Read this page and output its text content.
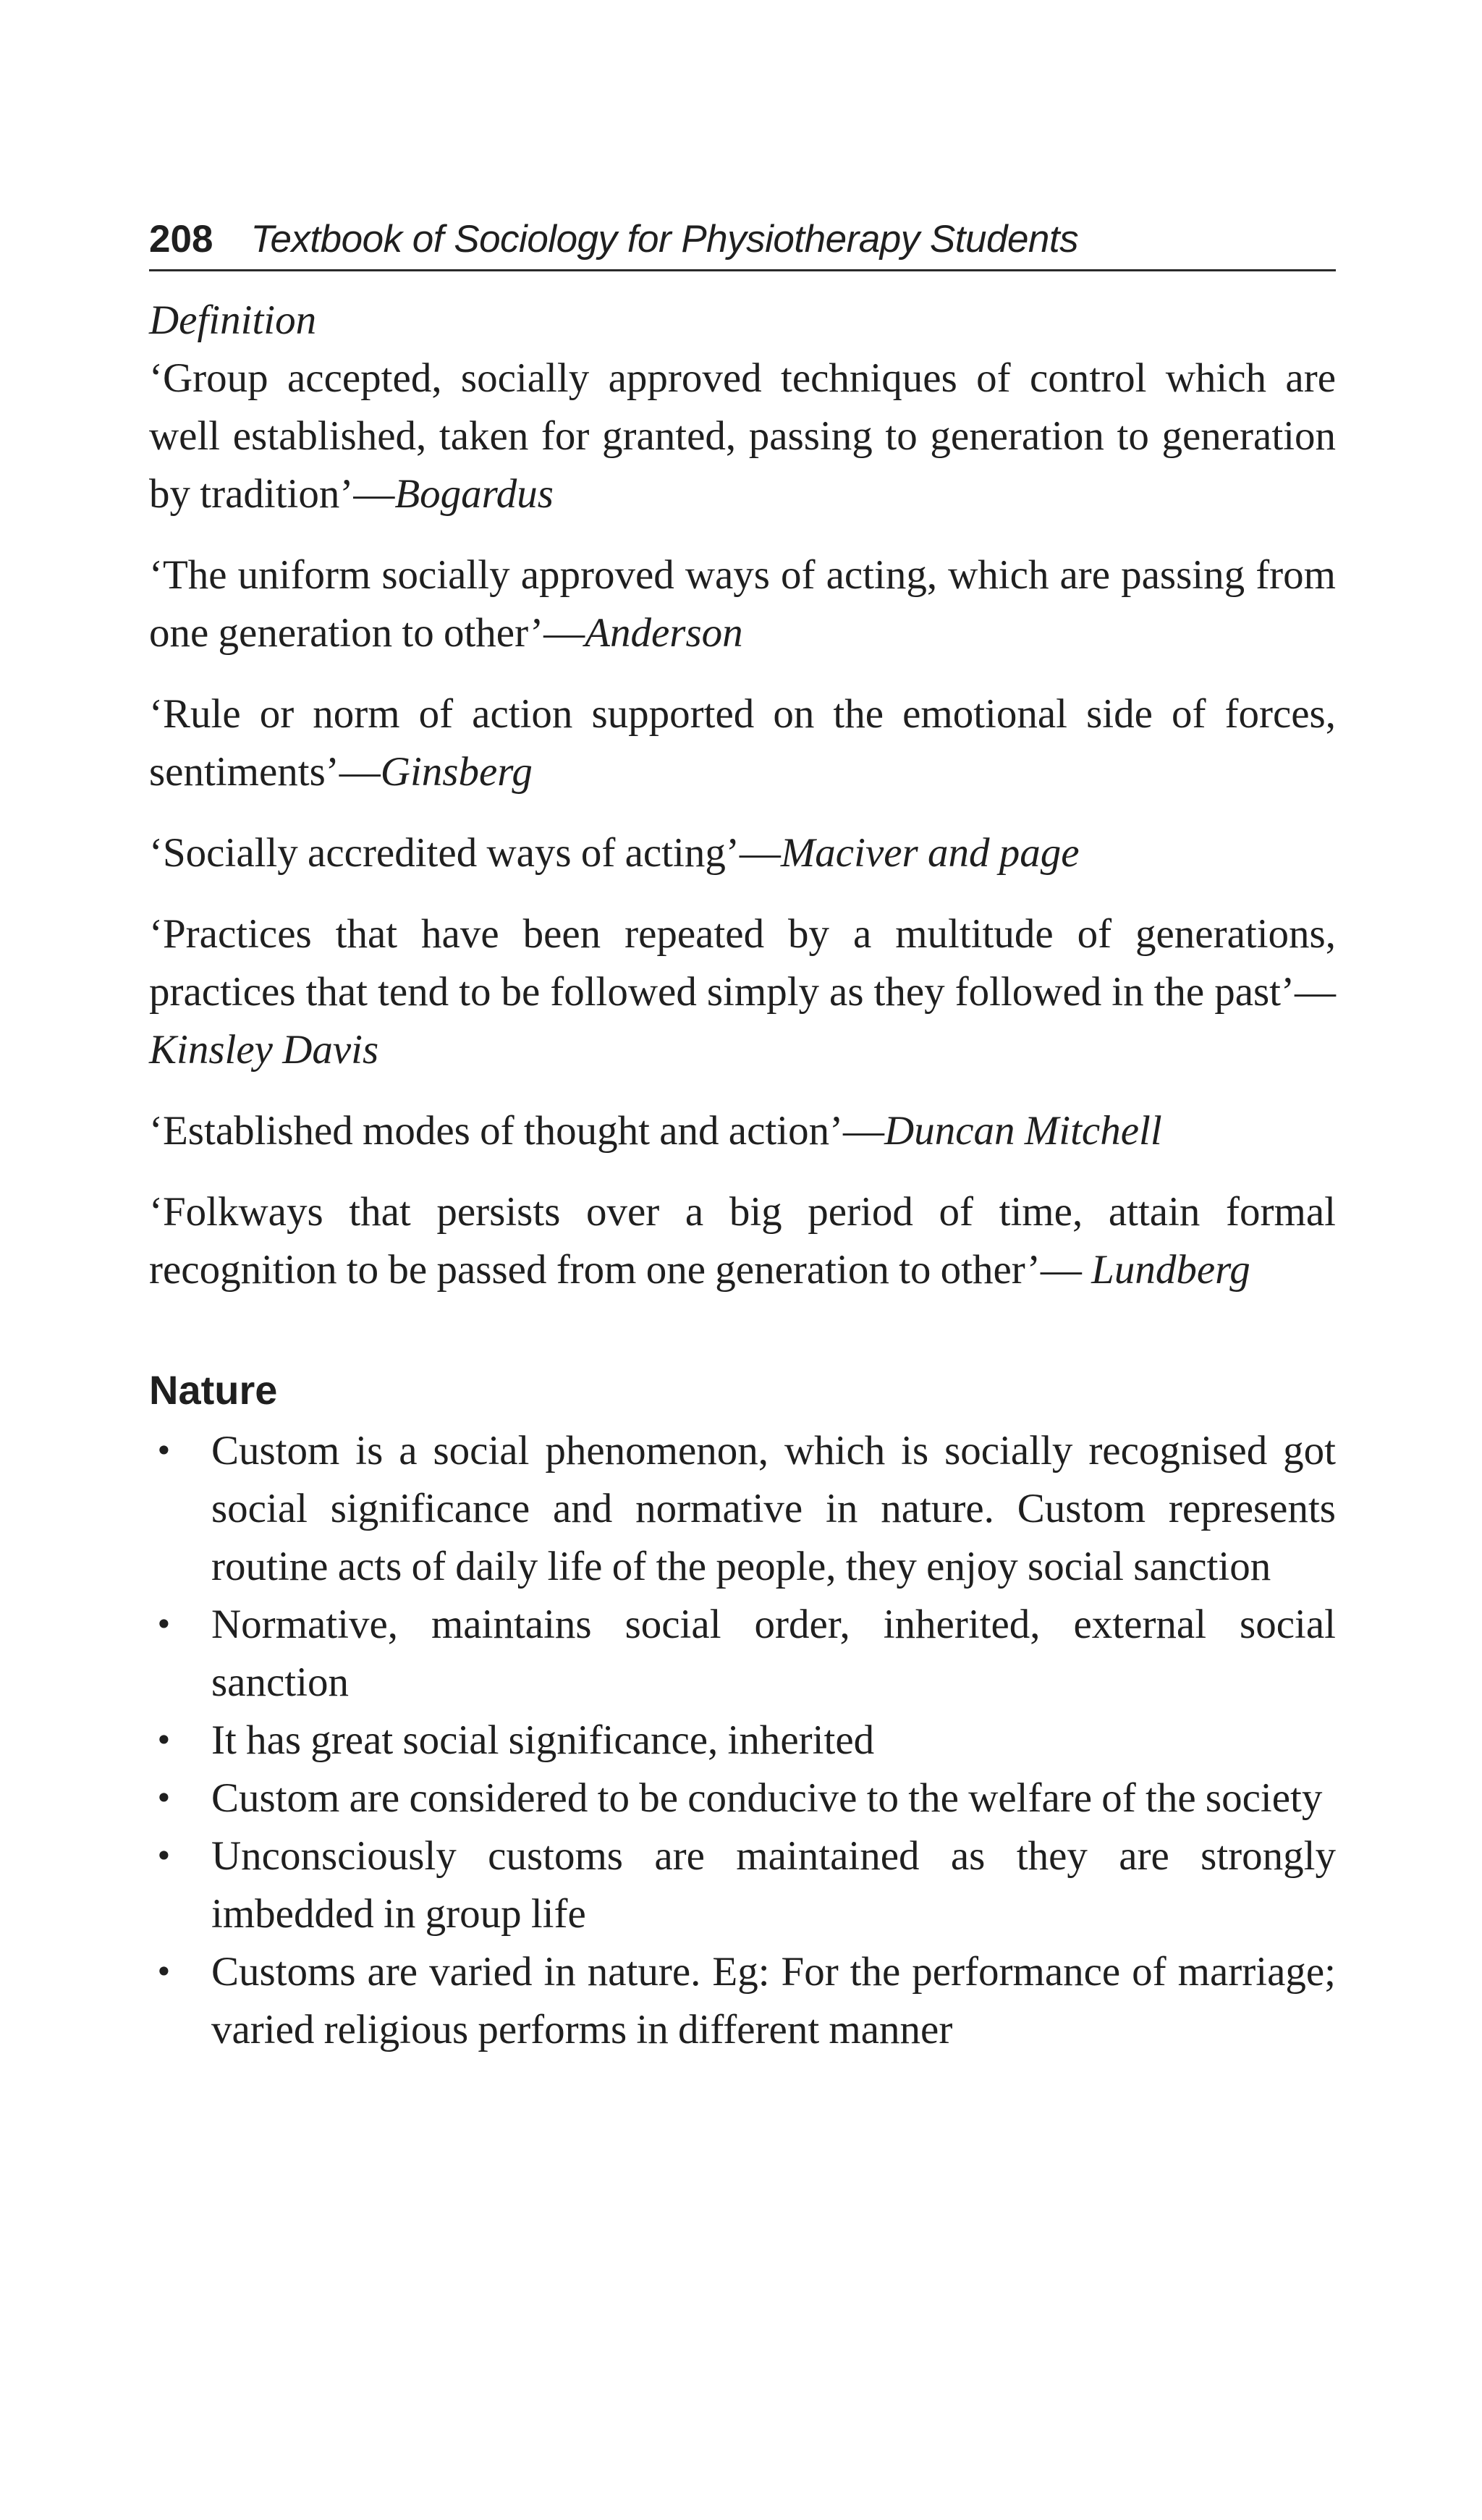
208 Textbook of Sociology for Physiotherapy Students
Definition

‘Group accepted, socially approved techniques of control which are well established, taken for granted, passing to generation to generation by tradition’—Bogardus

‘The uniform socially approved ways of acting, which are passing from one generation to other’—Anderson

‘Rule or norm of action supported on the emotional side of forces, sentiments’—Ginsberg

‘Socially accredited ways of acting’—Maciver and page

‘Practices that have been repeated by a multitude of generations, practices that tend to be followed simply as they followed in the past’—Kinsley Davis

‘Established modes of thought and action’—Duncan Mitchell

‘Folkways that persists over a big period of time, attain formal recognition to be passed from one generation to other’— Lundberg

Nature
• Custom is a social phenomenon, which is socially recognised got social significance and normative in nature. Custom represents routine acts of daily life of the people, they enjoy social sanction
• Normative, maintains social order, inherited, external social sanction
• It has great social significance, inherited
• Custom are considered to be conducive to the welfare of the society
• Unconsciously customs are maintained as they are strongly imbedded in group life
• Customs are varied in nature. Eg: For the performance of marriage; varied religious performs in different manner
